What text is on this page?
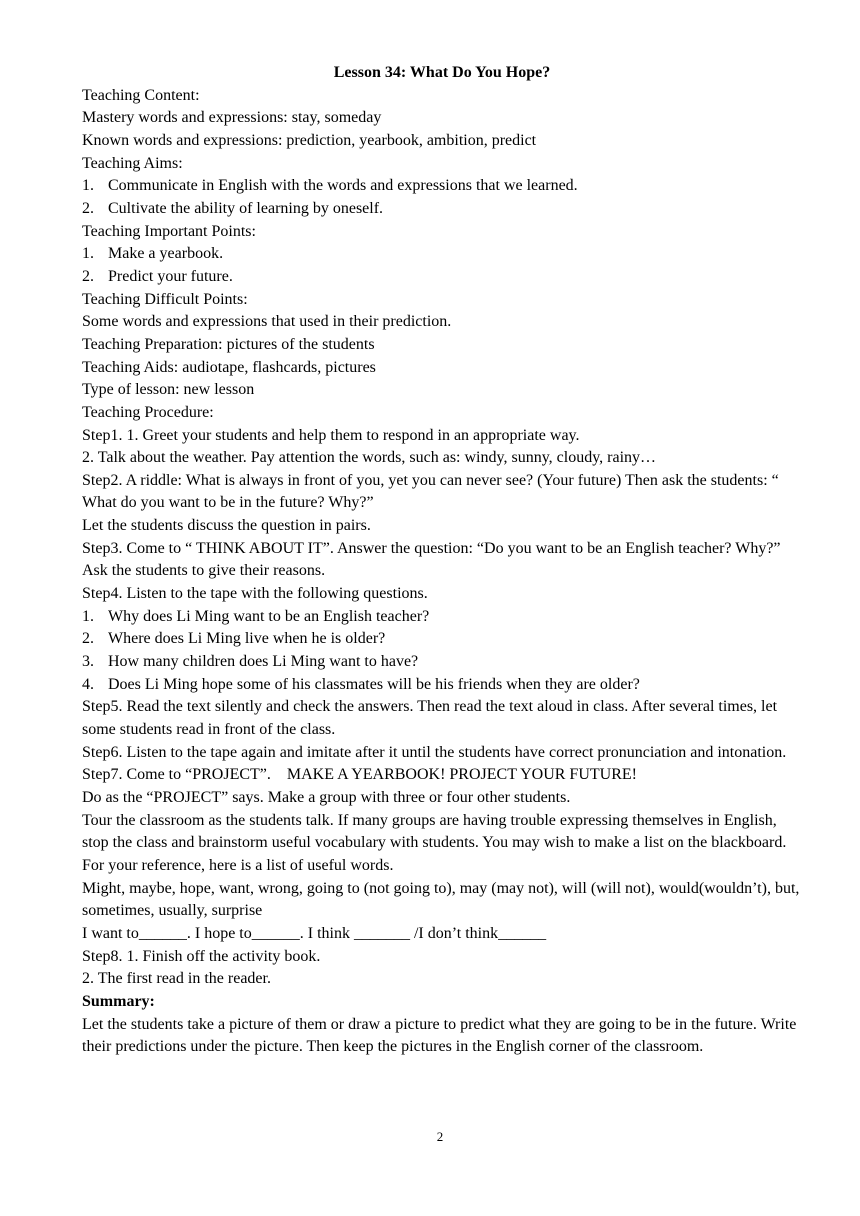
Lesson 34: What Do You Hope?

Teaching Content:

Mastery words and expressions: stay, someday

Known words and expressions: prediction, yearbook, ambition, predict

Teaching Aims:

1. Communicate in English with the words and expressions that we learned.
2. Cultivate the ability of learning by oneself.

Teaching Important Points:

1. Make a yearbook.
2. Predict your future.

Teaching Difficult Points:

Some words and expressions that used in their prediction.

Teaching Preparation: pictures of the students

Teaching Aids: audiotape, flashcards, pictures

Type of lesson: new lesson

Teaching Procedure:

Step1. 1. Greet your students and help them to respond in an appropriate way.

2. Talk about the weather. Pay attention the words, such as: windy, sunny, cloudy, rainy…

Step2. A riddle: What is always in front of you, yet you can never see? (Your future) Then ask the students: “ What do you want to be in the future? Why?”

Let the students discuss the question in pairs.

Step3. Come to “ THINK ABOUT IT”. Answer the question: “Do you want to be an English teacher? Why?”

Ask the students to give their reasons.

Step4. Listen to the tape with the following questions.

1. Why does Li Ming want to be an English teacher?
2. Where does Li Ming live when he is older?
3. How many children does Li Ming want to have?
4. Does Li Ming hope some of his classmates will be his friends when they are older?

Step5. Read the text silently and check the answers. Then read the text aloud in class. After several times, let some students read in front of the class.

Step6. Listen to the tape again and imitate after it until the students have correct pronunciation and intonation.

Step7. Come to “PROJECT”.    MAKE A YEARBOOK! PROJECT YOUR FUTURE!

Do as the “PROJECT” says. Make a group with three or four other students.

Tour the classroom as the students talk. If many groups are having trouble expressing themselves in English, stop the class and brainstorm useful vocabulary with students. You may wish to make a list on the blackboard. For your reference, here is a list of useful words.

Might, maybe, hope, want, wrong, going to (not going to), may (may not), will (will not), would(wouldn’t), but, sometimes, usually, surprise

I want to______. I hope to______. I think _______ /I don’t think______

Step8. 1. Finish off the activity book.

2. The first read in the reader.

Summary:

Let the students take a picture of them or draw a picture to predict what they are going to be in the future. Write their predictions under the picture. Then keep the pictures in the English corner of the classroom.

2
